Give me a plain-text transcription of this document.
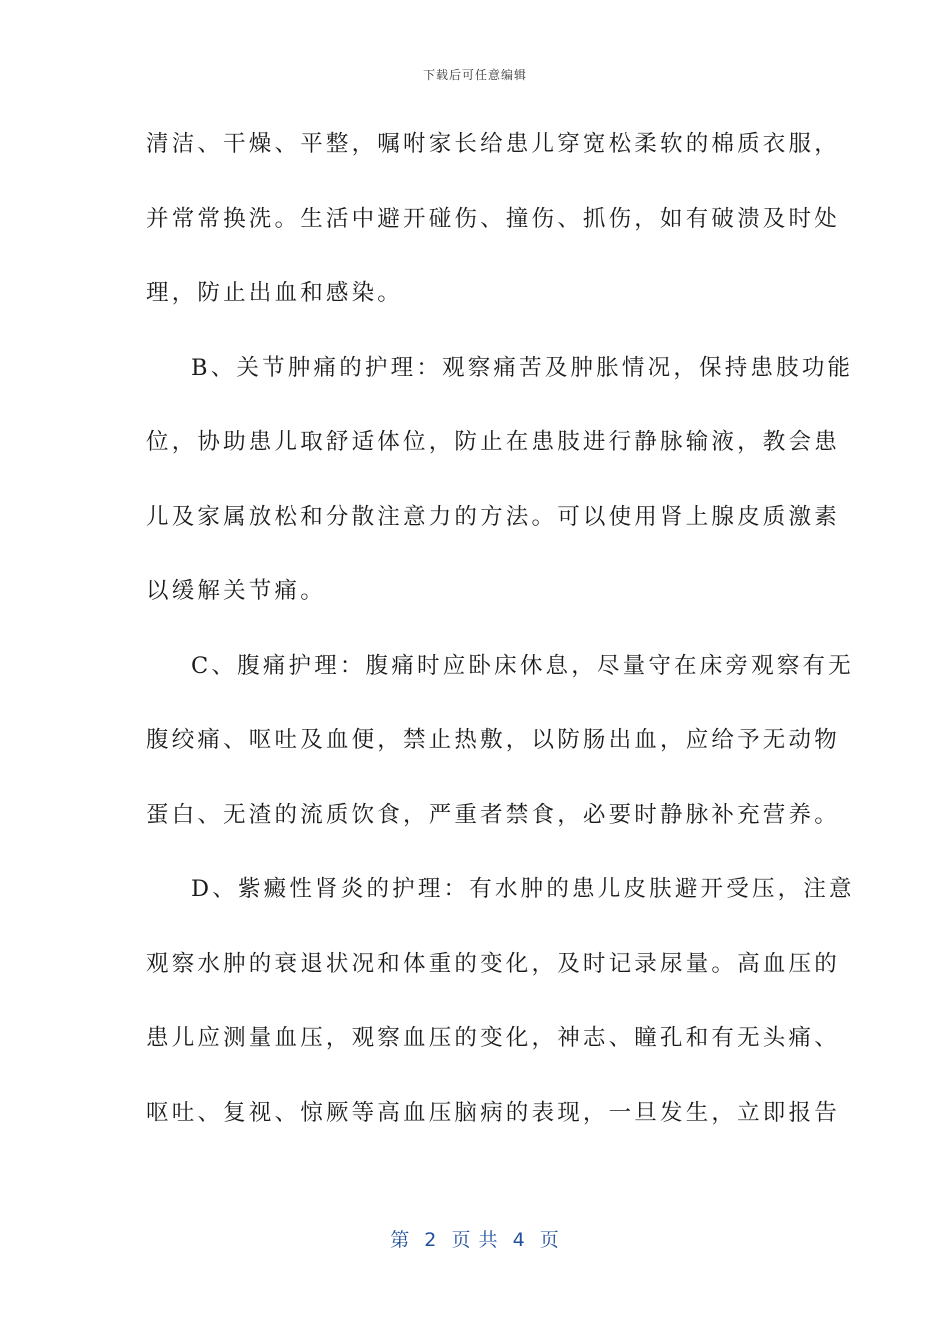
下载后可任意编辑
清洁、干燥、平整，嘱咐家长给患儿穿宽松柔软的棉质衣服，
并常常换洗。生活中避开碰伤、撞伤、抓伤，如有破溃及时处
理，防止出血和感染。
B、关节肿痛的护理：观察痛苦及肿胀情况，保持患肢功能
位，协助患儿取舒适体位，防止在患肢进行静脉输液，教会患
儿及家属放松和分散注意力的方法。可以使用肾上腺皮质激素
以缓解关节痛。
C、腹痛护理：腹痛时应卧床休息，尽量守在床旁观察有无
腹绞痛、呕吐及血便，禁止热敷，以防肠出血，应给予无动物
蛋白、无渣的流质饮食，严重者禁食，必要时静脉补充营养。
D、紫癜性肾炎的护理：有水肿的患儿皮肤避开受压，注意
观察水肿的衰退状况和体重的变化，及时记录尿量。高血压的
患儿应测量血压，观察血压的变化，神志、瞳孔和有无头痛、
呕吐、复视、惊厥等高血压脑病的表现，一旦发生，立即报告
第  2  页 共  4  页
